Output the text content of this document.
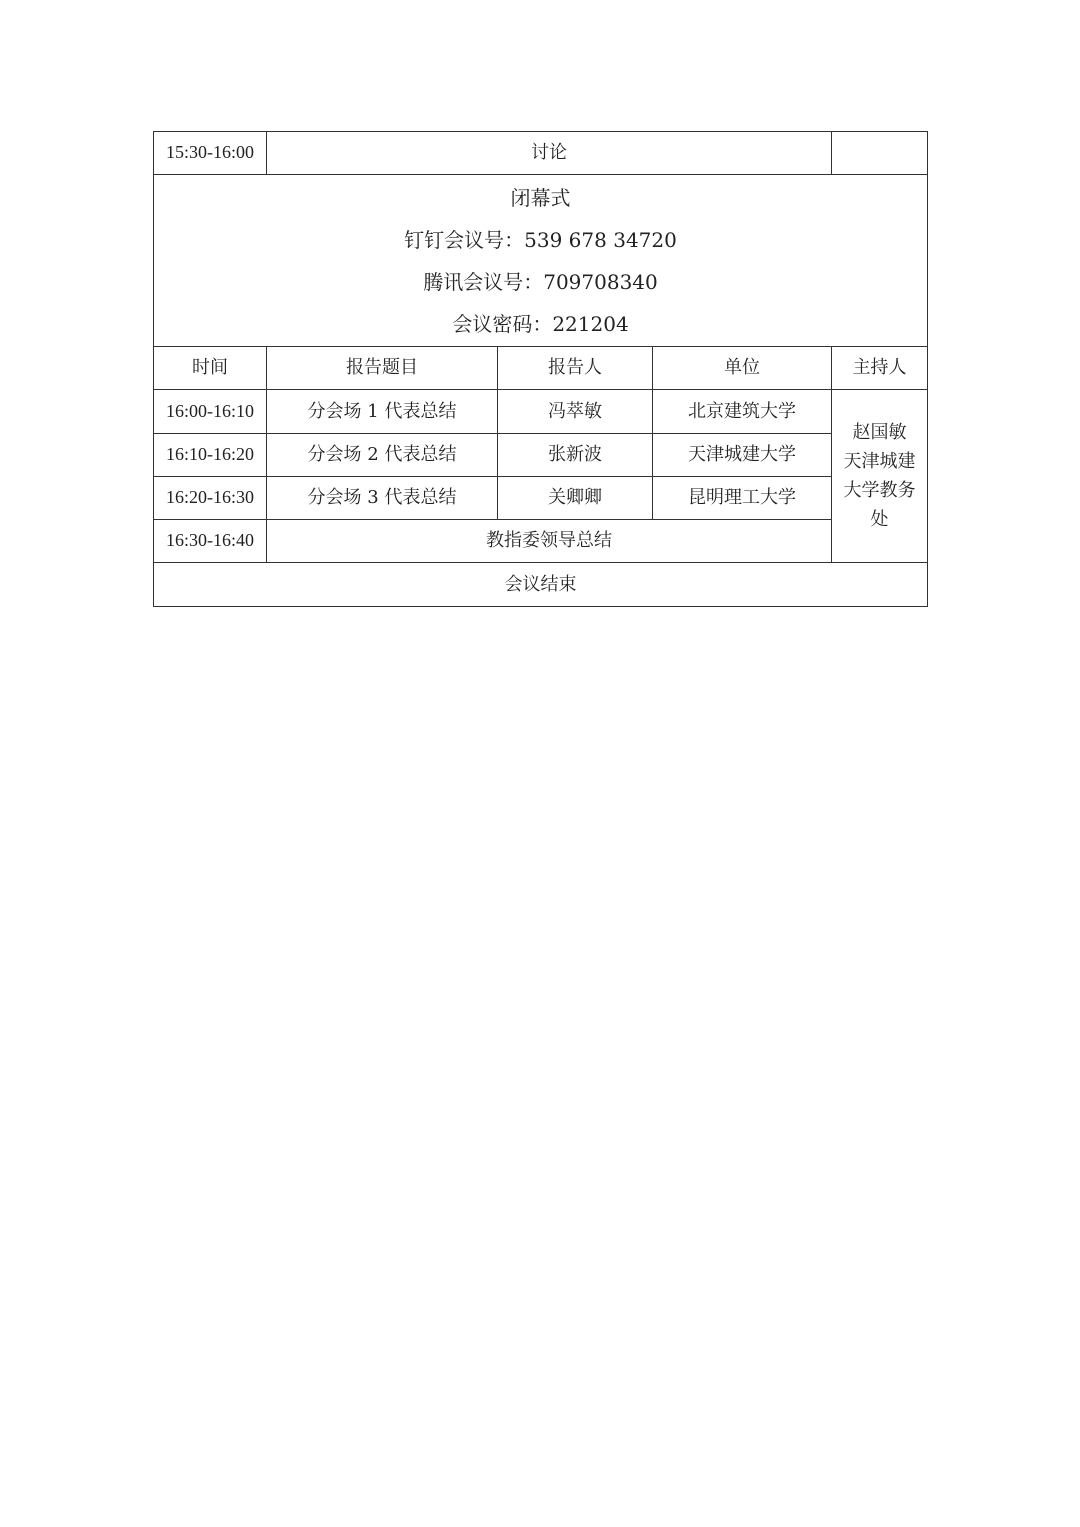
15:30-16:00	讨论			

闭幕式
钉钉会议号：539 678 34720
腾讯会议号：709708340
会议密码：221204				

时间	报告题目	报告人	单位	主持人
16:00-16:10	分会场 1 代表总结	冯萃敏	北京建筑大学	赵国敏
天津城建
大学教务
处

16:10-16:20	分会场 2 代表总结	张新波	天津城建大学	
16:20-16:30	分会场 3 代表总结	关卿卿	昆明理工大学	
16:30-16:40	教指委领导总结			
会议结束				
